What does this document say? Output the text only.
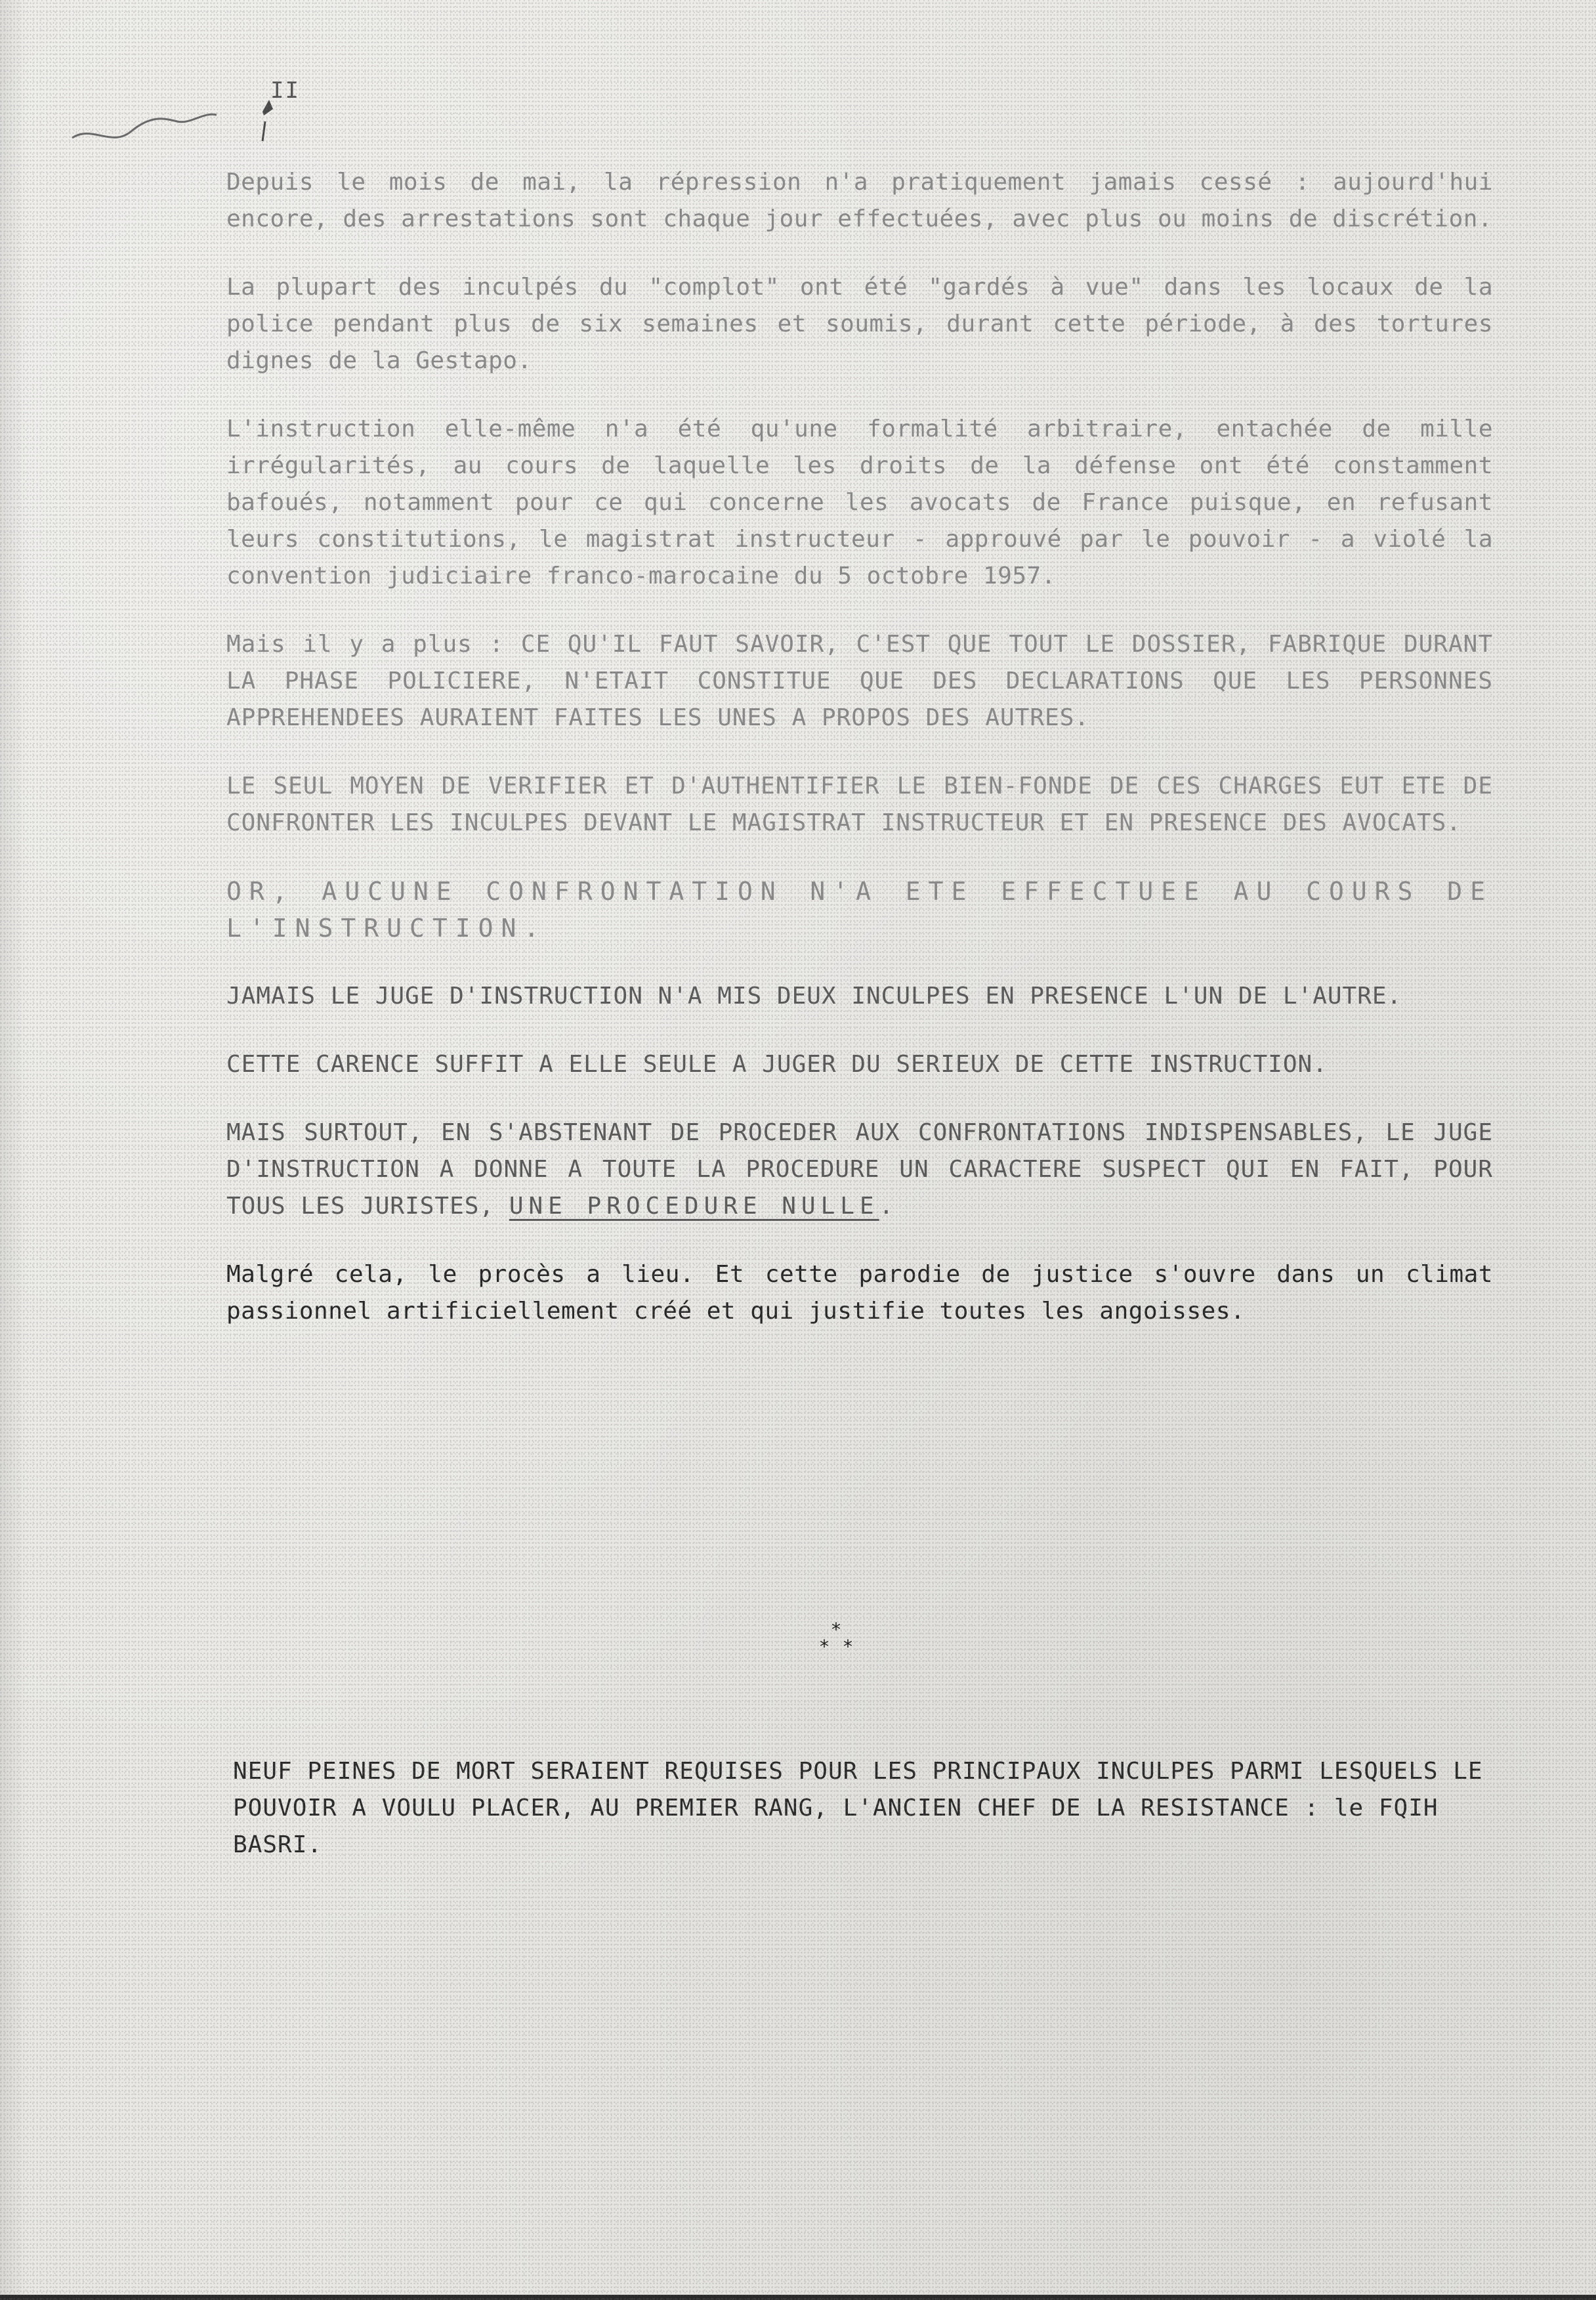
II

Depuis le mois de mai, la répression n'a pratiquement jamais cessé : aujourd'hui encore, des arrestations sont chaque jour effectuées, avec plus ou moins de discrétion.

La plupart des inculpés du "complot" ont été "gardés à vue" dans les locaux de la police pendant plus de six semaines et soumis, durant cette période, à des tortures dignes de la Gestapo.

L'instruction elle-même n'a été qu'une formalité arbitraire, entachée de mille irrégularités, au cours de laquelle les droits de la défense ont été constamment bafoués, notamment pour ce qui concerne les avocats de France puisque, en refusant leurs constitutions, le magistrat instructeur - approuvé par le pouvoir - a violé la convention judiciaire franco-marocaine du 5 octobre 1957.

Mais il y a plus : CE QU'IL FAUT SAVOIR, C'EST QUE TOUT LE DOSSIER, FABRIQUE DURANT LA PHASE POLICIERE, N'ETAIT CONSTITUE QUE DES DECLARATIONS QUE LES PERSONNES APPREHENDEES AURAIENT FAITES LES UNES A PROPOS DES AUTRES.

LE SEUL MOYEN DE VERIFIER ET D'AUTHENTIFIER LE BIEN-FONDE DE CES CHARGES EUT ETE DE CONFRONTER LES INCULPES DEVANT LE MAGISTRAT INSTRUCTEUR ET EN PRESENCE DES AVOCATS.

OR, AUCUNE CONFRONTATION N'A ETE EFFECTUEE AU COURS DE L'INSTRUCTION.

JAMAIS LE JUGE D'INSTRUCTION N'A MIS DEUX INCULPES EN PRESENCE L'UN DE L'AUTRE.

CETTE CARENCE SUFFIT A ELLE SEULE A JUGER DU SERIEUX DE CETTE INSTRUCTION.

MAIS SURTOUT, EN S'ABSTENANT DE PROCEDER AUX CONFRONTATIONS INDISPENSABLES, LE JUGE D'INSTRUCTION A DONNE A TOUTE LA PROCEDURE UN CARACTERE SUSPECT QUI EN FAIT, POUR TOUS LES JURISTES, UNE PROCEDURE NULLE.

Malgré cela, le procès a lieu. Et cette parodie de justice s'ouvre dans un climat passionnel artificiellement créé et qui justifie toutes les angoisses.

*
* *

NEUF PEINES DE MORT SERAIENT REQUISES POUR LES PRINCIPAUX INCULPES PARMI LESQUELS LE POUVOIR A VOULU PLACER, AU PREMIER RANG, L'ANCIEN CHEF DE LA RESISTANCE : le FQIH BASRI.
